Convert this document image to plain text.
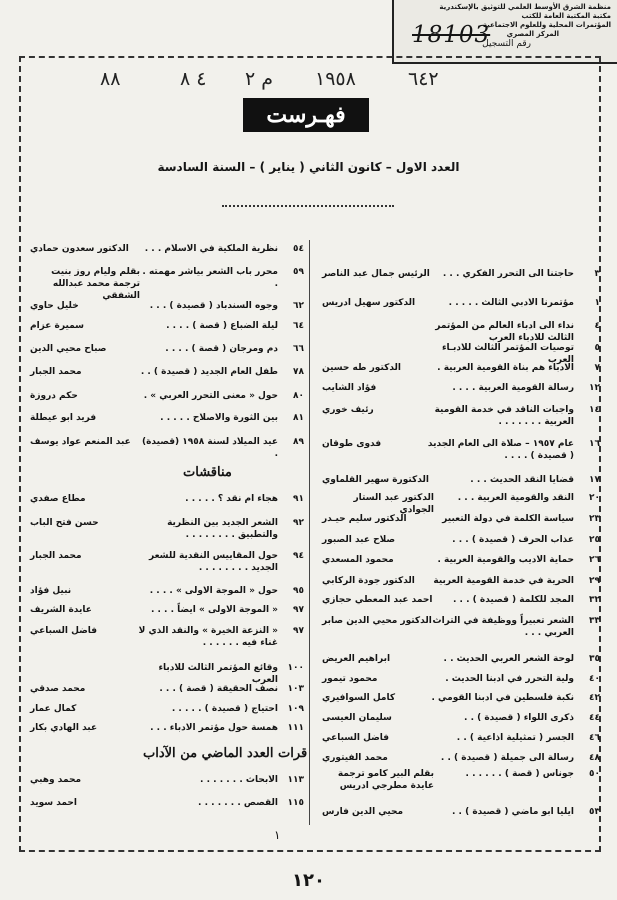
منظمة الشرق الأوسط العلمي للتوثيق بالإسكندرية
مكتبة المكتبة العامة للكتب
المؤتمرات المحلية وللعلوم الاجتماعية
المركز المصري
رقم التسجيل
18103
٦٤٢
١٩٥٨
م ٢
٤ ٨
٨٨
فهـرست
العدد الاول – كانون الثاني ( يناير ) – السنة السادسة
٣
حاجتنا الى التحرر الفكري . . .
الرئيس جمال عبد الناصر
١
مؤتمرنا الادبي الثالث . . . . .
الدكتور سهيل ادريس
٤
نداء الى ادباء العالم من المؤتمر الثالث للادباء العرب
٥
توصيات المؤتمر الثالث للادبـاء العرب
٧
الادباء هم بناة القومية العربية .
الدكتور طه حسين
١٢
رسالة القومية العربية . . . .
فؤاد الشايب
١٤
واجبات الناقد في خدمة القومية العربية . . . . . . .
رئيف خوري
١٦
عام ١٩٥٧ – صلاة الى العام الجديد ( قصيدة ) . . . .
فدوى طوقان
١٧
قضايا النقد الحديث . . .
الدكتورة سهير القلماوي
٢٠
النقد والقومية العربية . . .
الدكتور عبد الستار الجوادي
٢٣
سياسة الكلمة في دولة التعبير
الدكتور سليم حيـدر
٢٥
عذاب الحرف ( قصيدة ) . . .
صلاح عبد الصبور
٢٦
حماية الاديب والقومية العربية .
محمود المسعدي
٢٩
الحرية في خدمة القومية العربية
الدكتور جودة الركابي
٣٢
المجد للكلمة ( قصيدة ) . . .
احمد عبد المعطي حجازي
٣٣
الشعر تعبيراً ووظيفة في التراث العربي . . .
الدكتور محيي الدين صابر
٣٥
لوحة الشعر العربي الحديث . .
ابراهيم العريض
٤٠
ولية التحرر في ادبنا الحديث .
محمود تيمور
٤٢
نكبة فلسطين في ادبنا القومي .
كامل السوافيري
٤٤
ذكرى اللواء ( قصيدة ) . .
سليمان العيسى
٤٦
الجسر ( تمثيلية اذاعية ) . .
فاضل السباعي
٤٨
رسالة الى جميلة ( قصيدة ) . .
محمد الفيتوري
٥٠
جوناس ( قصة ) . . . . . .
بقلم البير كامو ترجمة عايدة مطرجي ادريس
٥٣
ايليا ابو ماضي ( قصيدة ) . .
محيي الدين فارس
٥٤
نظرية الملكية في الاسلام . . .
الدكتور سعدون حمادي
٥٩
محرر باب الشعر بياشر مهمته . .
بقلم وليام روز بنيت ترجمة محمد عبدالله الشفقي
٦٢
وجوه السندباد ( قصيدة ) . . .
خليل حاوي
٦٤
ليلة الضباع ( قصة ) . . . .
سميرة عزام
٦٦
دم ومرجان ( قصة ) . . . .
صباح محيي الدين
٧٨
طفل العام الجديد ( قصيدة ) . .
محمد الجبار
٨٠
حول « معنى التحرر العربي » .
حكم دروزة
٨١
بين الثورة والاصلاح . . . . .
فريد ابو عيطلة
٨٩
عيد الميلاد لسنة ١٩٥٨ (قصيدة) .
عبد المنعم عواد يوسف
٩١
هجاء ام نقد ؟ . . . . .
مطاع صفدي
٩٢
الشعر الجديد بين النظرية والتطبيق . . . . . . . .
حسن فتح الباب
٩٤
حول المقاييس النقدية للشعر الجديد . . . . . . . .
محمد الجبار
٩٥
حول « الموجة الاولى » . . . .
نبيل فؤاد
٩٧
« الموجة الاولى » ايضاً . . . .
عايدة الشريف
٩٧
« النزعة الخيرة » والنقد الذي لا غناء فيه . . . . . .
فاضل السباعي
١٠٠
وقائع المؤتمر الثالث للادباء العرب
١٠٣
نصف الحقيقة ( قصة ) . . .
محمد صدقي
١٠٩
احتياج ( قصيدة ) . . . . .
كمال عمار
١١١
همسة حول مؤتمر الادباء . . .
عبد الهادي بكار
١١٣
الابحاث . . . . . . .
محمد وهبي
١١٥
القصص . . . . . . .
احمد سويد
مناقشات
قرات العدد الماضي من الآداب
١
١٢٠
